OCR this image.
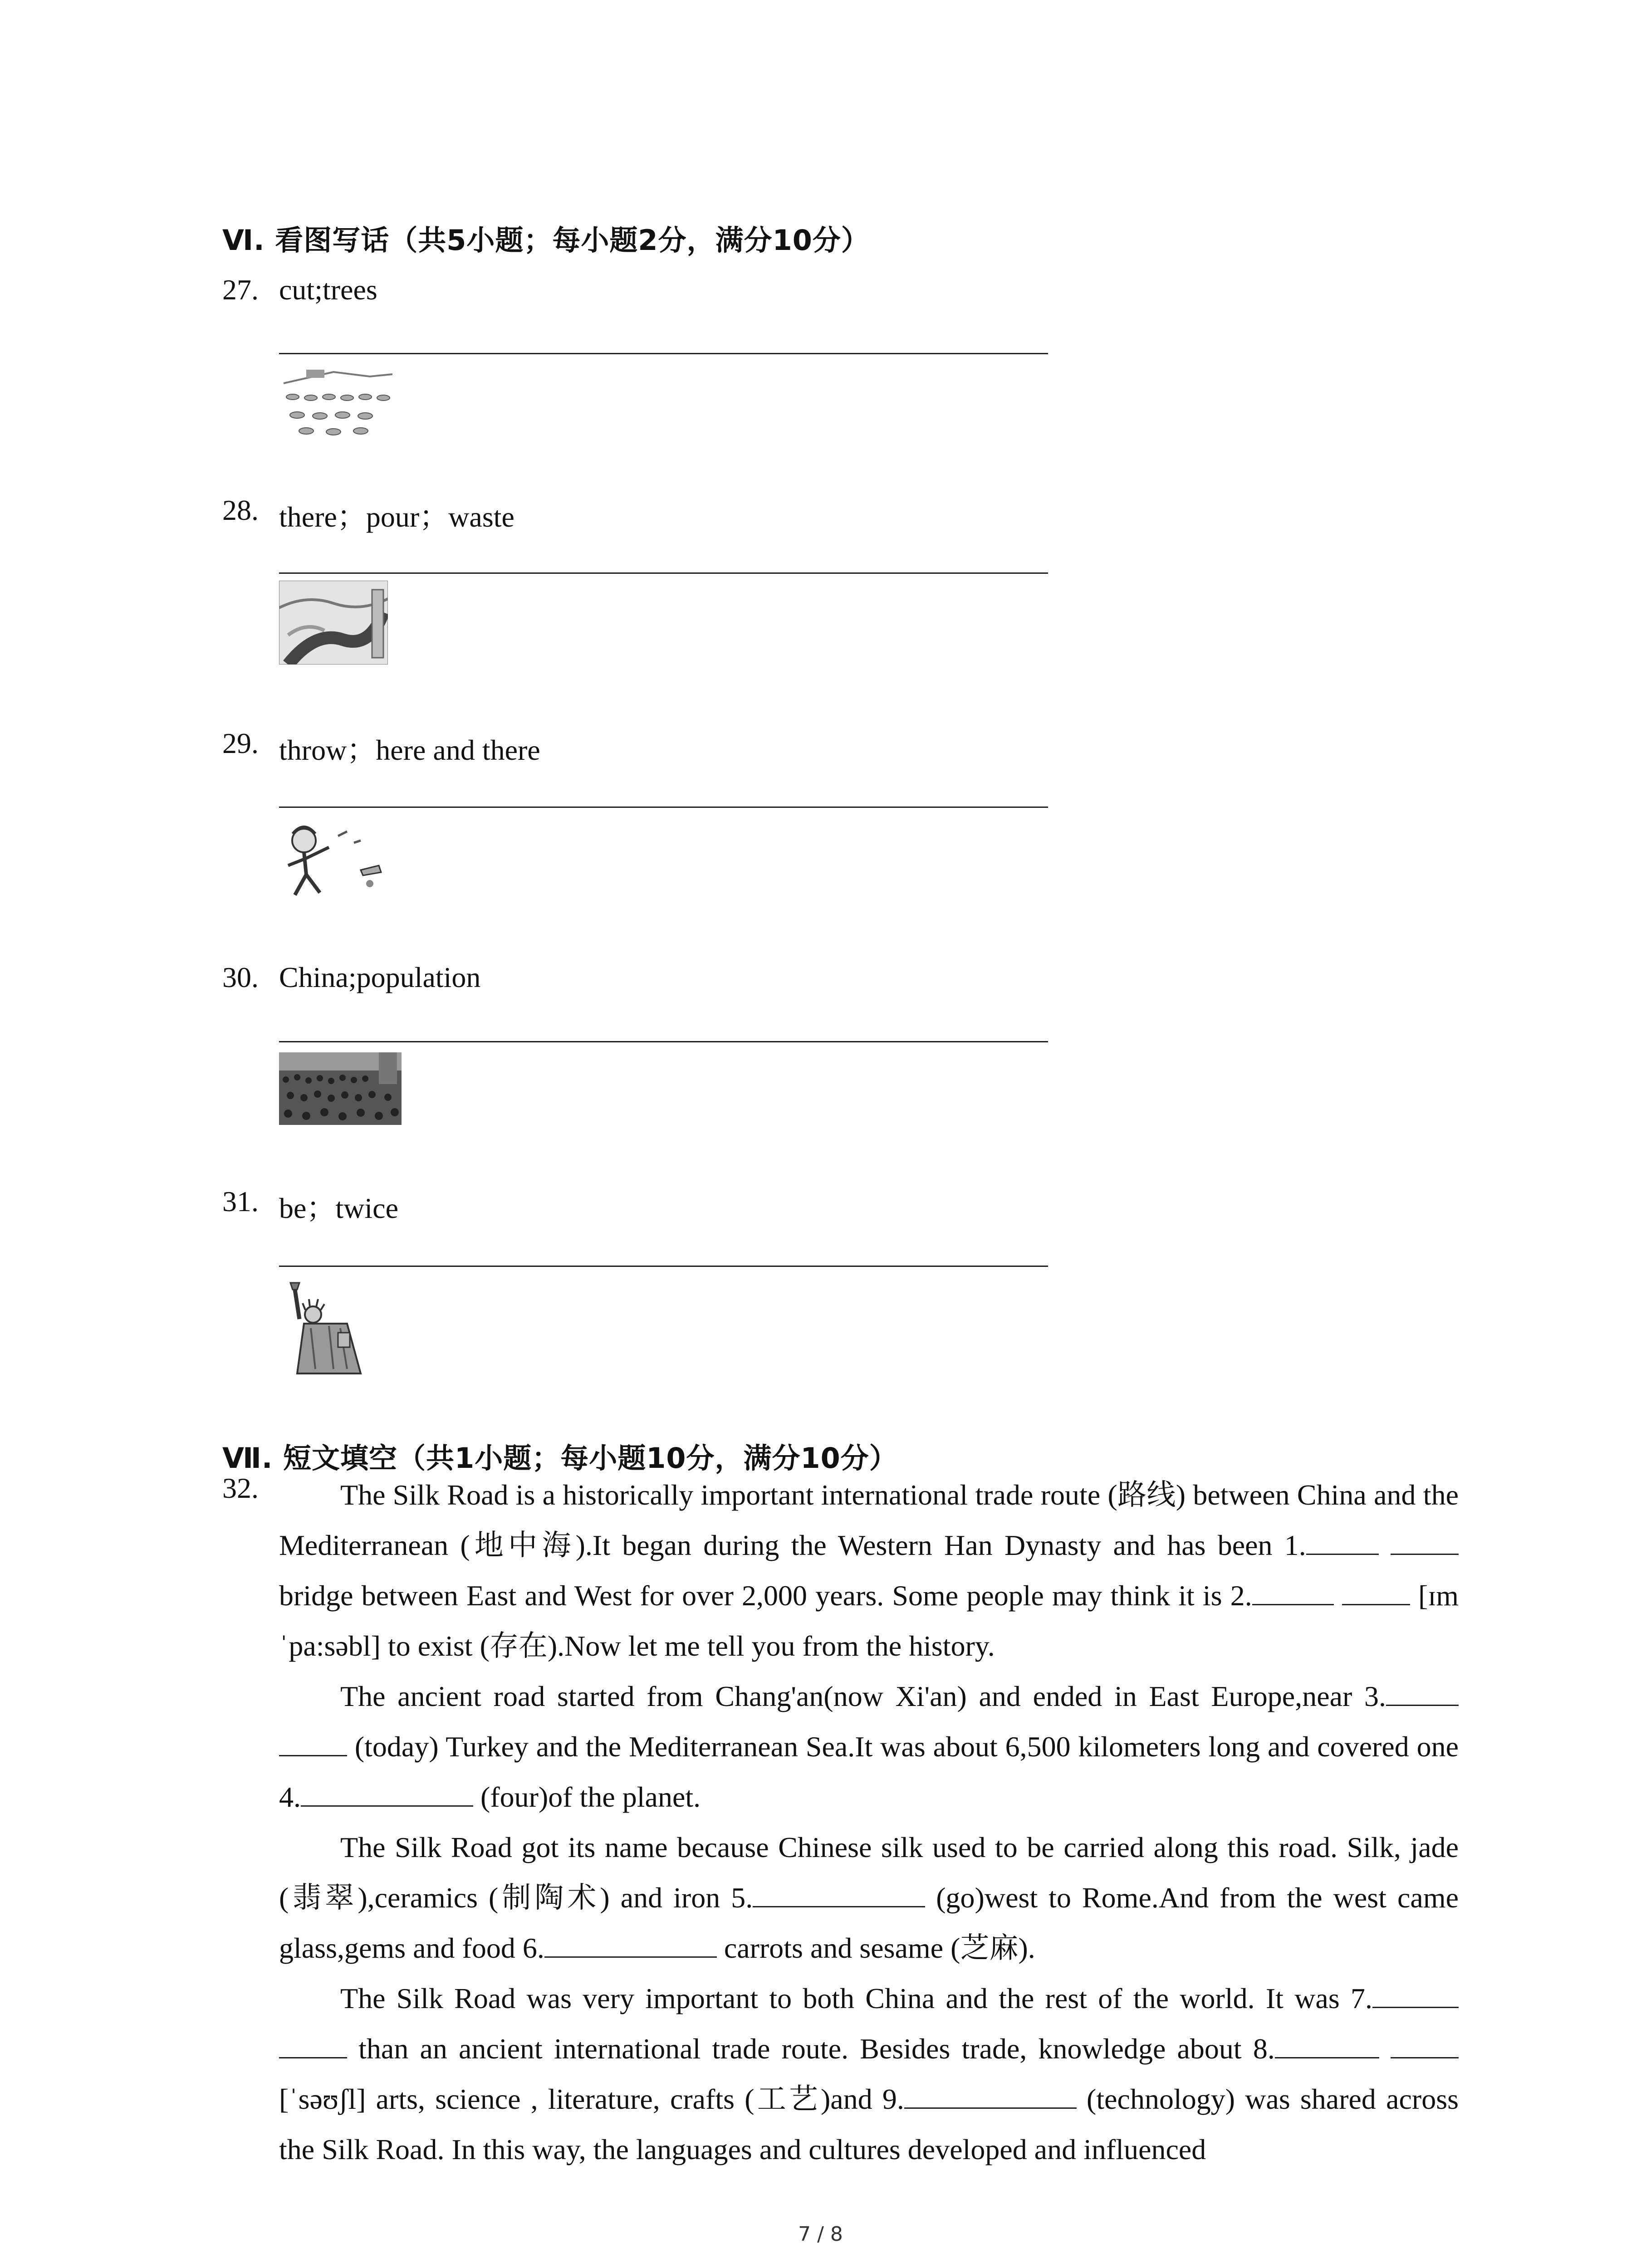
Ⅵ. 看图写话（共5小题；每小题2分，满分10分）
27. cut;trees
28. there；pour；waste
29. throw；here and there
30. China;population
31. be；twice
Ⅶ. 短文填空（共1小题；每小题10分，满分10分）
32.	The Silk Road is a historically important international trade route (路线) between China and the Mediterranean (地中海).It began during the Western Han Dynasty and has been 1.  bridge between East and West for over 2,000 years. Some people may think it is 2.	[ɪmˈpa:səbl] to exist (存在).Now let me tell you from the history.

The ancient road started from Chang'an(now Xi'an) and ended in East Europe,near 3.  (today) Turkey and the Mediterranean Sea.It was about 6,500 kilometers long and covered one 4.	(four)of the planet.

The Silk Road got its name because Chinese silk used to be carried along this road. Silk, jade (翡翠),ceramics (制陶术) and iron 5.	(go)west to Rome.And from the west came glass,gems and food 6.	carrots and sesame (芝麻).

The Silk Road was very important to both China and the rest of the world. It was 7.  than an ancient international trade route. Besides trade, knowledge about 8.  [ˈsəʊʃl] arts, science , literature, crafts (工艺)and 9.	(technology) was shared across the Silk Road. In this way, the languages and cultures developed and influenced

7 / 8
